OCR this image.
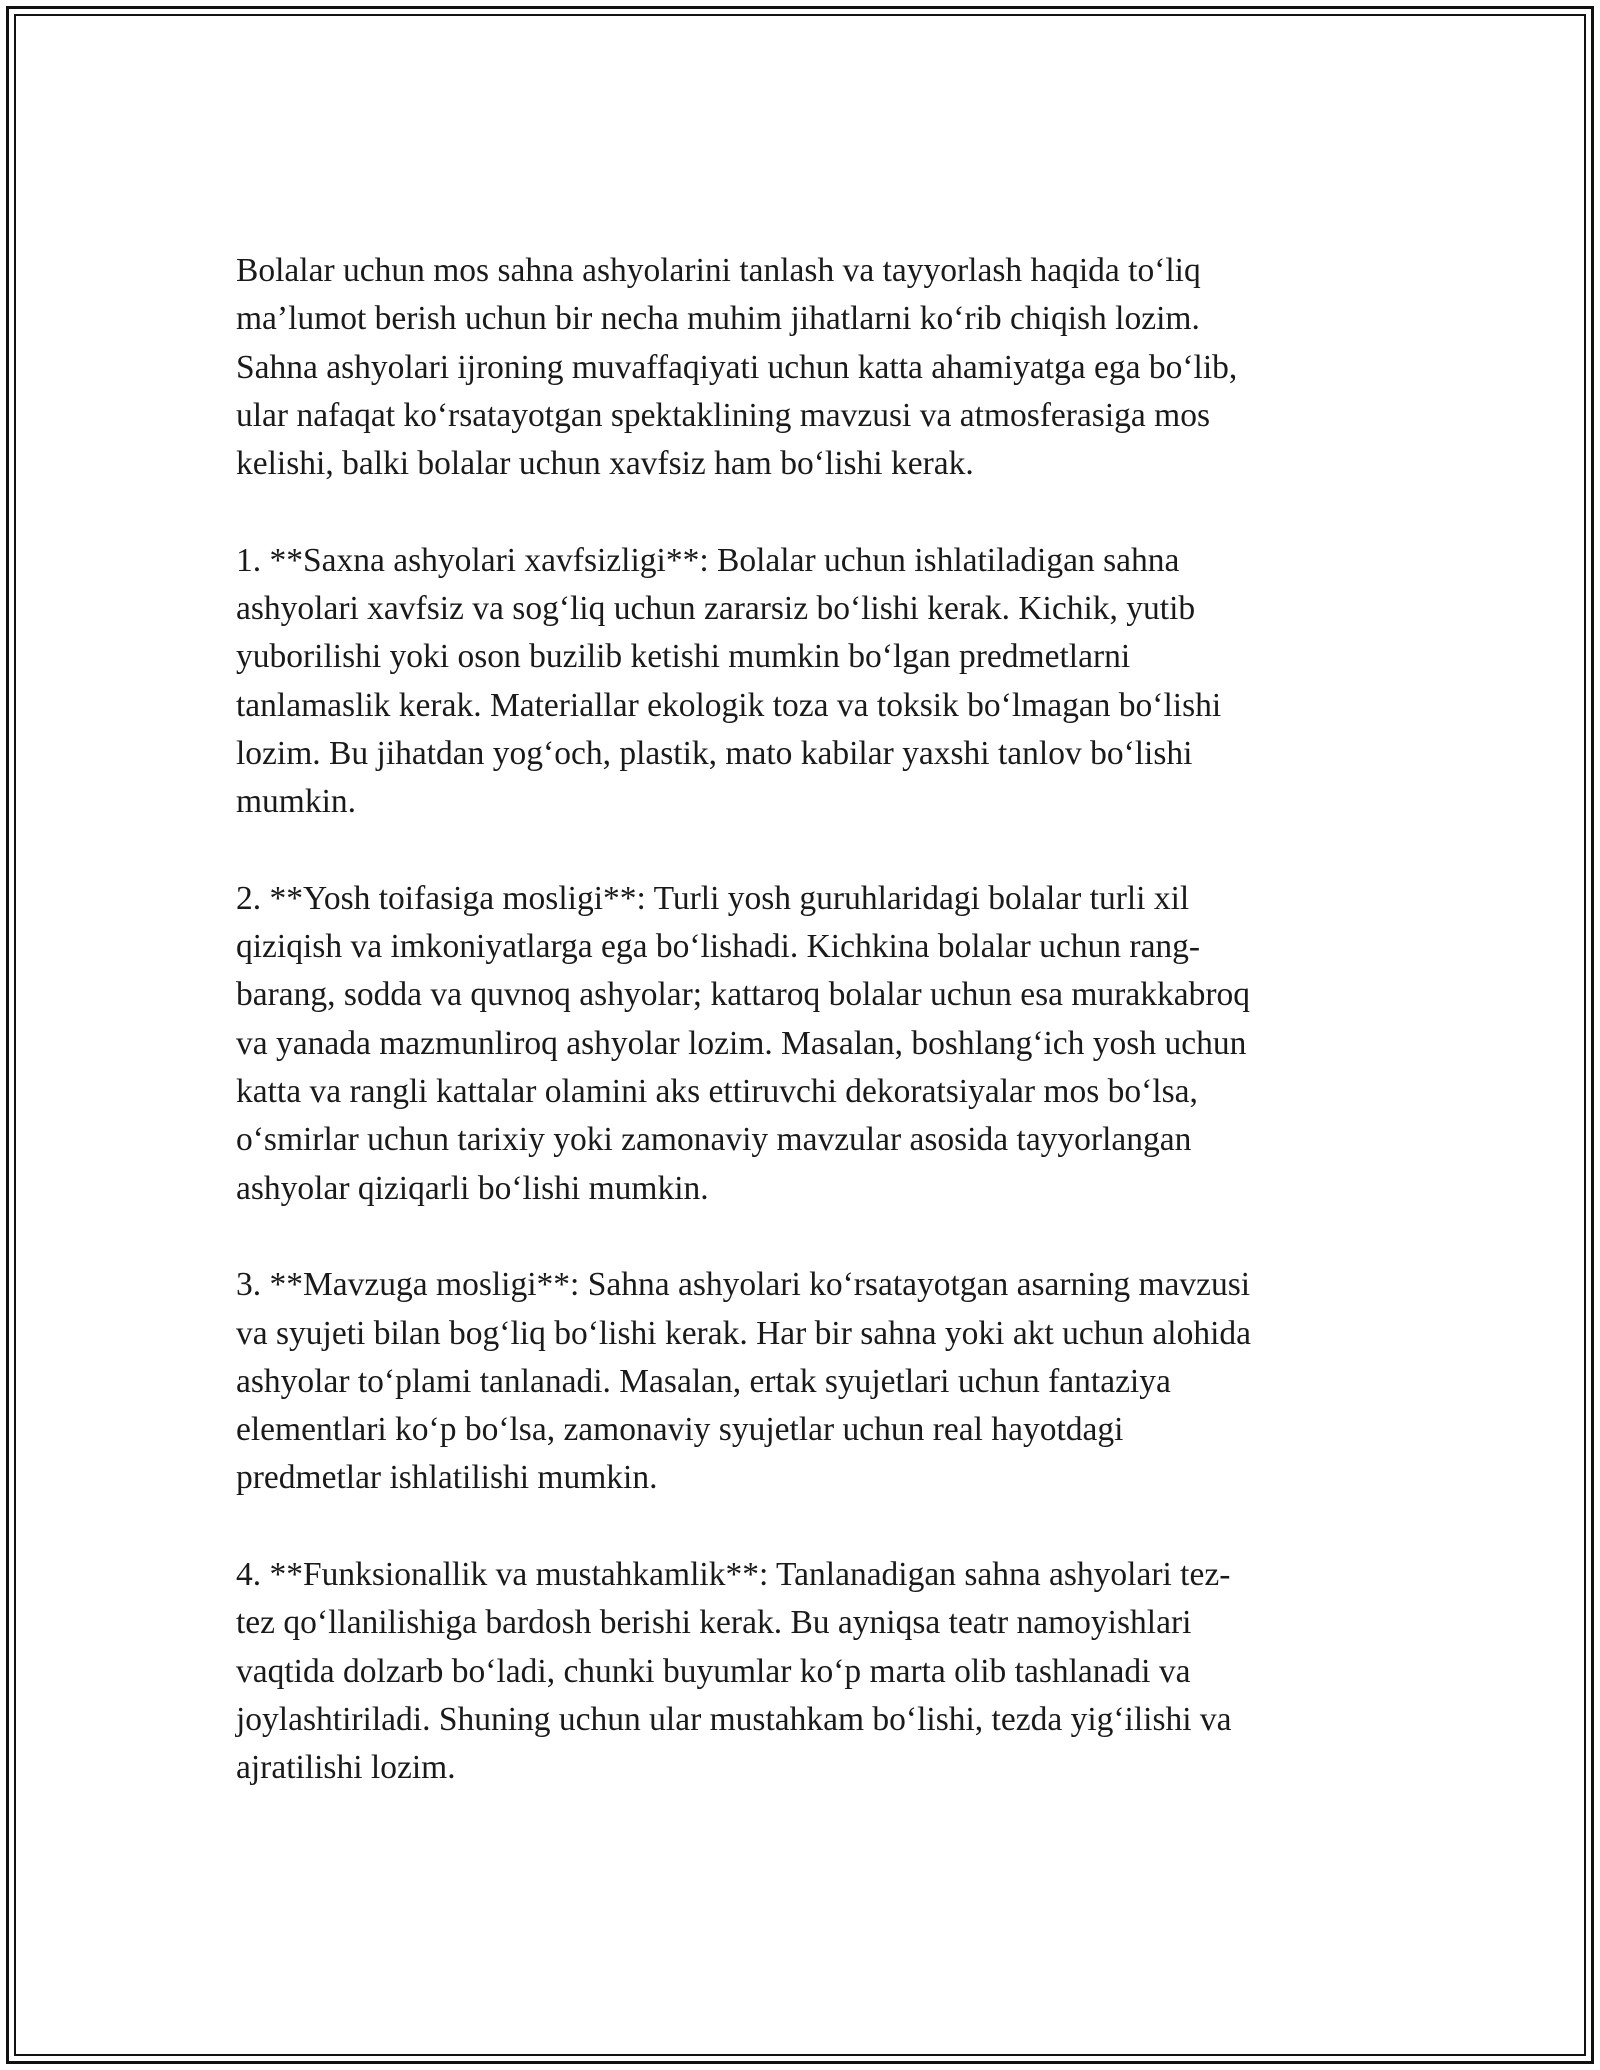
Bolalar uchun mos sahna ashyolarini tanlash va tayyorlash haqida to‘liq
ma’lumot berish uchun bir necha muhim jihatlarni ko‘rib chiqish lozim.
Sahna ashyolari ijroning muvaffaqiyati uchun katta ahamiyatga ega bo‘lib,
ular nafaqat ko‘rsatayotgan spektaklining mavzusi va atmosferasiga mos
kelishi, balki bolalar uchun xavfsiz ham bo‘lishi kerak.

1. **Saxna ashyolari xavfsizligi**: Bolalar uchun ishlatiladigan sahna
ashyolari xavfsiz va sog‘liq uchun zararsiz bo‘lishi kerak. Kichik, yutib
yuborilishi yoki oson buzilib ketishi mumkin bo‘lgan predmetlarni
tanlamaslik kerak. Materiallar ekologik toza va toksik bo‘lmagan bo‘lishi
lozim. Bu jihatdan yog‘och, plastik, mato kabilar yaxshi tanlov bo‘lishi
mumkin.

2. **Yosh toifasiga mosligi**: Turli yosh guruhlaridagi bolalar turli xil
qiziqish va imkoniyatlarga ega bo‘lishadi. Kichkina bolalar uchun rang-
barang, sodda va quvnoq ashyolar; kattaroq bolalar uchun esa murakkabroq
va yanada mazmunliroq ashyolar lozim. Masalan, boshlang‘ich yosh uchun
katta va rangli kattalar olamini aks ettiruvchi dekoratsiyalar mos bo‘lsa,
o‘smirlar uchun tarixiy yoki zamonaviy mavzular asosida tayyorlangan
ashyolar qiziqarli bo‘lishi mumkin.

3. **Mavzuga mosligi**: Sahna ashyolari ko‘rsatayotgan asarning mavzusi
va syujeti bilan bog‘liq bo‘lishi kerak. Har bir sahna yoki akt uchun alohida
ashyolar to‘plami tanlanadi. Masalan, ertak syujetlari uchun fantaziya
elementlari ko‘p bo‘lsa, zamonaviy syujetlar uchun real hayotdagi
predmetlar ishlatilishi mumkin.

4. **Funksionallik va mustahkamlik**: Tanlanadigan sahna ashyolari tez-
tez qo‘llanilishiga bardosh berishi kerak. Bu ayniqsa teatr namoyishlari
vaqtida dolzarb bo‘ladi, chunki buyumlar ko‘p marta olib tashlanadi va
joylashtiriladi. Shuning uchun ular mustahkam bo‘lishi, tezda yig‘ilishi va
ajratilishi lozim.
